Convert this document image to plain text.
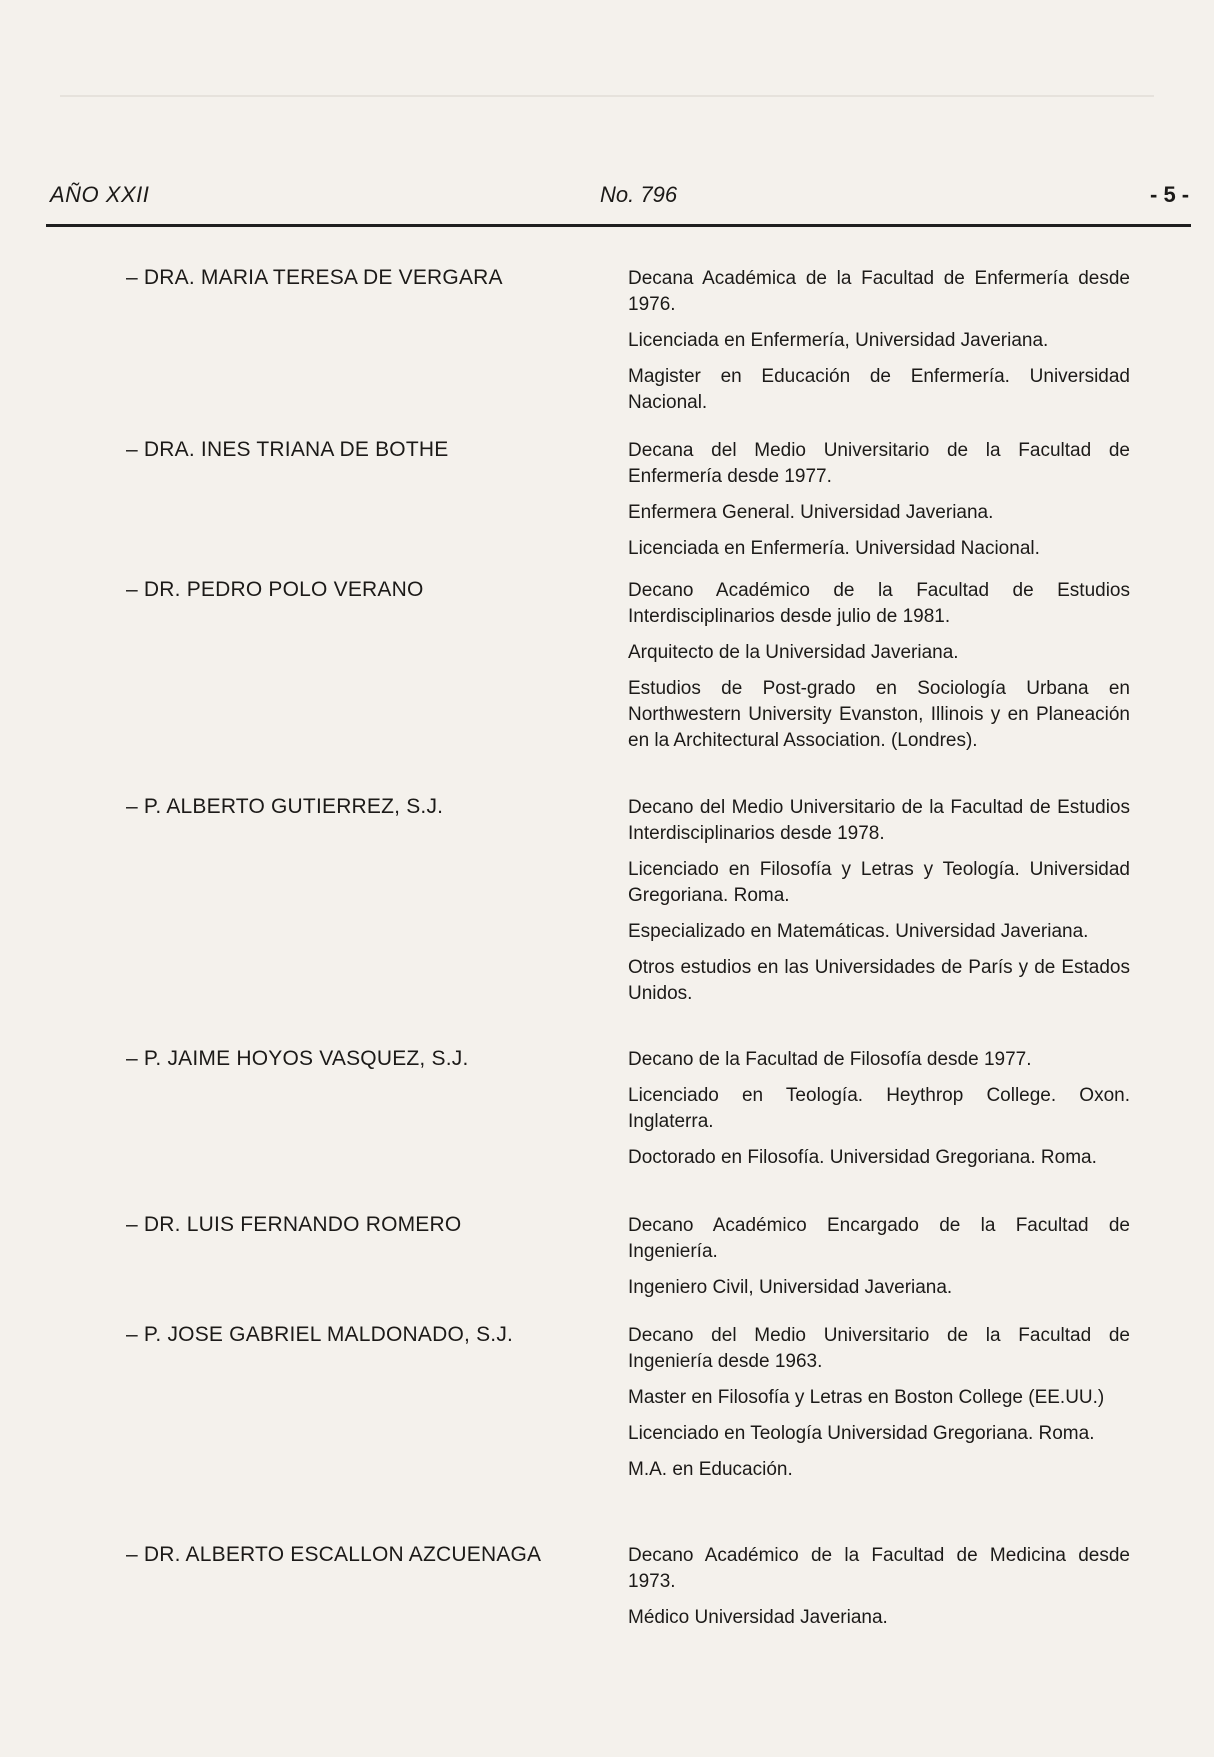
AÑO XXII	No. 796	- 5 -
– DRA. MARIA TERESA DE VERGARA	Decana Académica de la Facultad de Enfermería desde 1976.

Licenciada en Enfermería, Universidad Javeriana.

Magister en Educación de Enfermería. Universidad Nacional.

– DRA. INES TRIANA DE BOTHE	Decana del Medio Universitario de la Facultad de Enfermería desde 1977.

Enfermera General. Universidad Javeriana.

Licenciada en Enfermería. Universidad Nacional.

– DR. PEDRO POLO VERANO	Decano Académico de la Facultad de Estudios Interdisciplinarios desde julio de 1981.

Arquitecto de la Universidad Javeriana.

Estudios de Post-grado en Sociología Urbana en Northwestern University Evanston, Illinois y en Planeación en la Architectural Association. (Londres).

– P. ALBERTO GUTIERREZ, S.J.	Decano del Medio Universitario de la Facultad de Estudios Interdisciplinarios desde 1978.

Licenciado en Filosofía y Letras y Teología. Universidad Gregoriana. Roma.

Especializado en Matemáticas. Universidad Javeriana.

Otros estudios en las Universidades de París y de Estados Unidos.

– P. JAIME HOYOS VASQUEZ, S.J.	Decano de la Facultad de Filosofía desde 1977.

Licenciado en Teología. Heythrop College. Oxon. Inglaterra.

Doctorado en Filosofía. Universidad Gregoriana. Roma.

– DR. LUIS FERNANDO ROMERO	Decano Académico Encargado de la Facultad de Ingeniería.

Ingeniero Civil, Universidad Javeriana.

– P. JOSE GABRIEL MALDONADO, S.J.	Decano del Medio Universitario de la Facultad de Ingeniería desde 1963.

Master en Filosofía y Letras en Boston College (EE.UU.)

Licenciado en Teología Universidad Gregoriana. Roma.

M.A. en Educación.

– DR. ALBERTO ESCALLON AZCUENAGA	Decano Académico de la Facultad de Medicina desde 1973.

Médico Universidad Javeriana.
